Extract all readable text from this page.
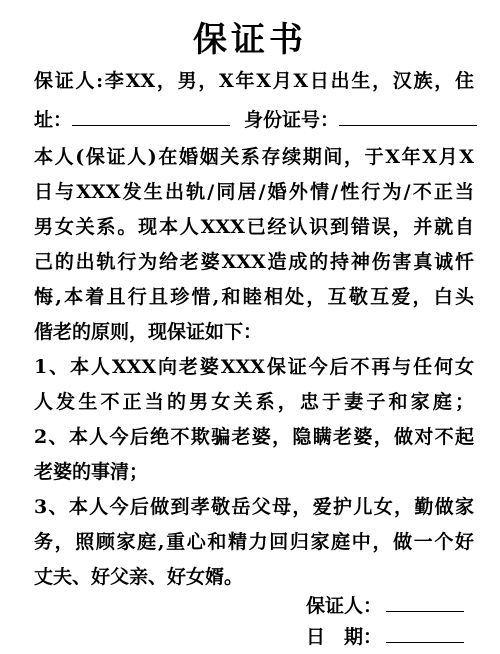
保证书
保证人:李XX，男，X年X月X日出生，汉族，住
址：	身份证号：
本人(保证人)在婚姻关系存续期间，于X年X月X
日与XXX发生出轨/同居/婚外情/性行为/不正当
男女关系。现本人XXX已经认识到错误，并就自
己的出轨行为给老婆XXX造成的持神伤害真诚忏
悔,本着且行且珍惜,和睦相处，互敬互爱，白头
偕老的原则，现保证如下：
1、本人XXX向老婆XXX保证今后不再与任何女
人发生不正当的男女关系，忠于妻子和家庭；
2、本人今后绝不欺骗老婆，隐瞒老婆，做对不起
老婆的事清；
3、本人今后做到孝敬岳父母，爱护儿女，勤做家
务，照顾家庭,重心和精力回归家庭中，做一个好
丈夫、好父亲、好女婿。
保证人：
日　期：
